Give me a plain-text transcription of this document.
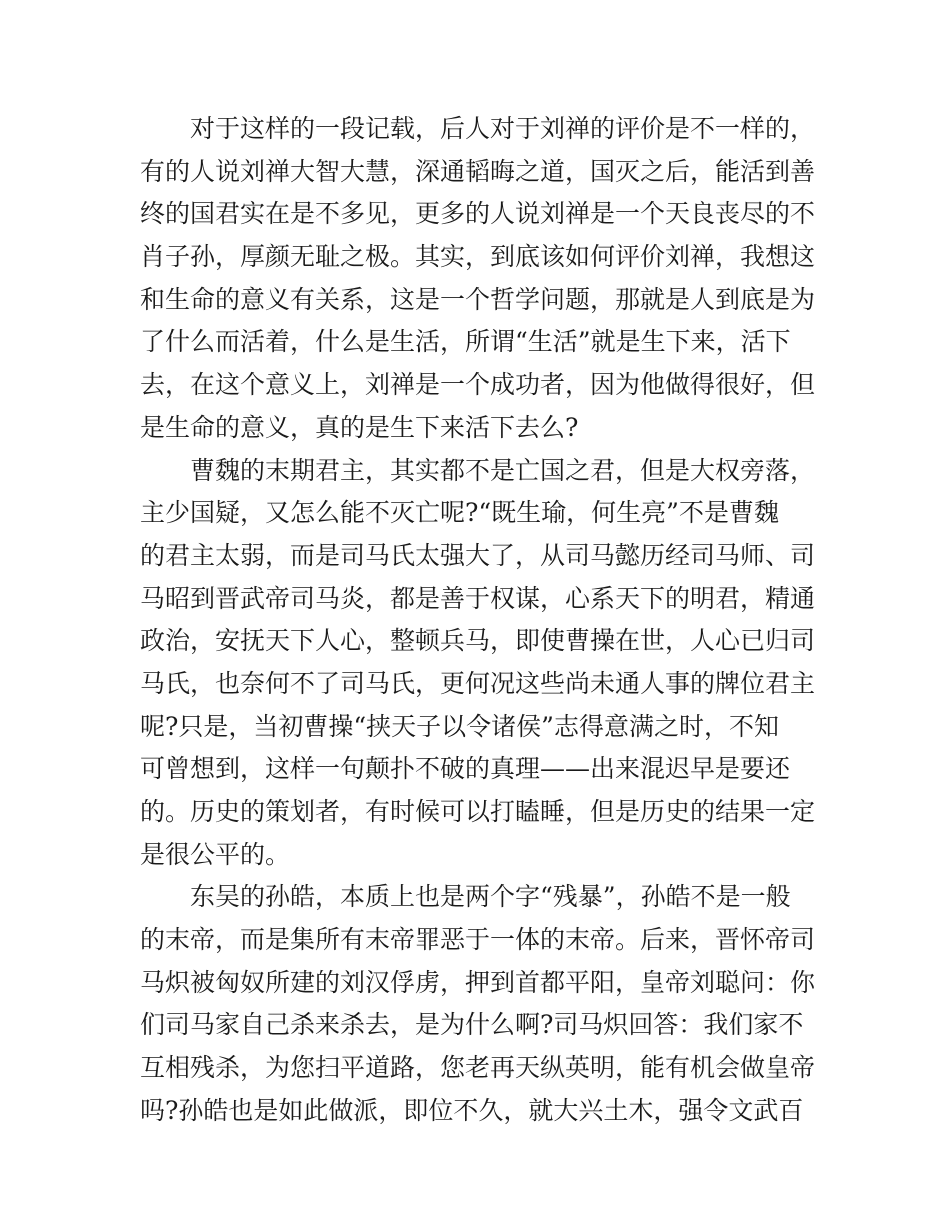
对于这样的一段记载，后人对于刘禅的评价是不一样的，
有的人说刘禅大智大慧，深通韬晦之道，国灭之后，能活到善
终的国君实在是不多见，更多的人说刘禅是一个天良丧尽的不
肖子孙，厚颜无耻之极。其实，到底该如何评价刘禅，我想这
和生命的意义有关系，这是一个哲学问题，那就是人到底是为
了什么而活着，什么是生活，所谓“生活”就是生下来，活下
去，在这个意义上，刘禅是一个成功者，因为他做得很好，但
是生命的意义，真的是生下来活下去么?
曹魏的末期君主，其实都不是亡国之君，但是大权旁落，
主少国疑，又怎么能不灭亡呢?“既生瑜，何生亮”不是曹魏
的君主太弱，而是司马氏太强大了，从司马懿历经司马师、司
马昭到晋武帝司马炎，都是善于权谋，心系天下的明君，精通
政治，安抚天下人心，整顿兵马，即使曹操在世，人心已归司
马氏，也奈何不了司马氏，更何况这些尚未通人事的牌位君主
呢?只是，当初曹操“挟天子以令诸侯”志得意满之时，不知
可曾想到，这样一句颠扑不破的真理——出来混迟早是要还
的。历史的策划者，有时候可以打瞌睡，但是历史的结果一定
是很公平的。
东吴的孙皓，本质上也是两个字“残暴”，孙皓不是一般
的末帝，而是集所有末帝罪恶于一体的末帝。后来，晋怀帝司
马炽被匈奴所建的刘汉俘虏，押到首都平阳，皇帝刘聪问：你
们司马家自己杀来杀去，是为什么啊?司马炽回答：我们家不
互相残杀，为您扫平道路，您老再天纵英明，能有机会做皇帝
吗?孙皓也是如此做派，即位不久，就大兴土木，强令文武百
